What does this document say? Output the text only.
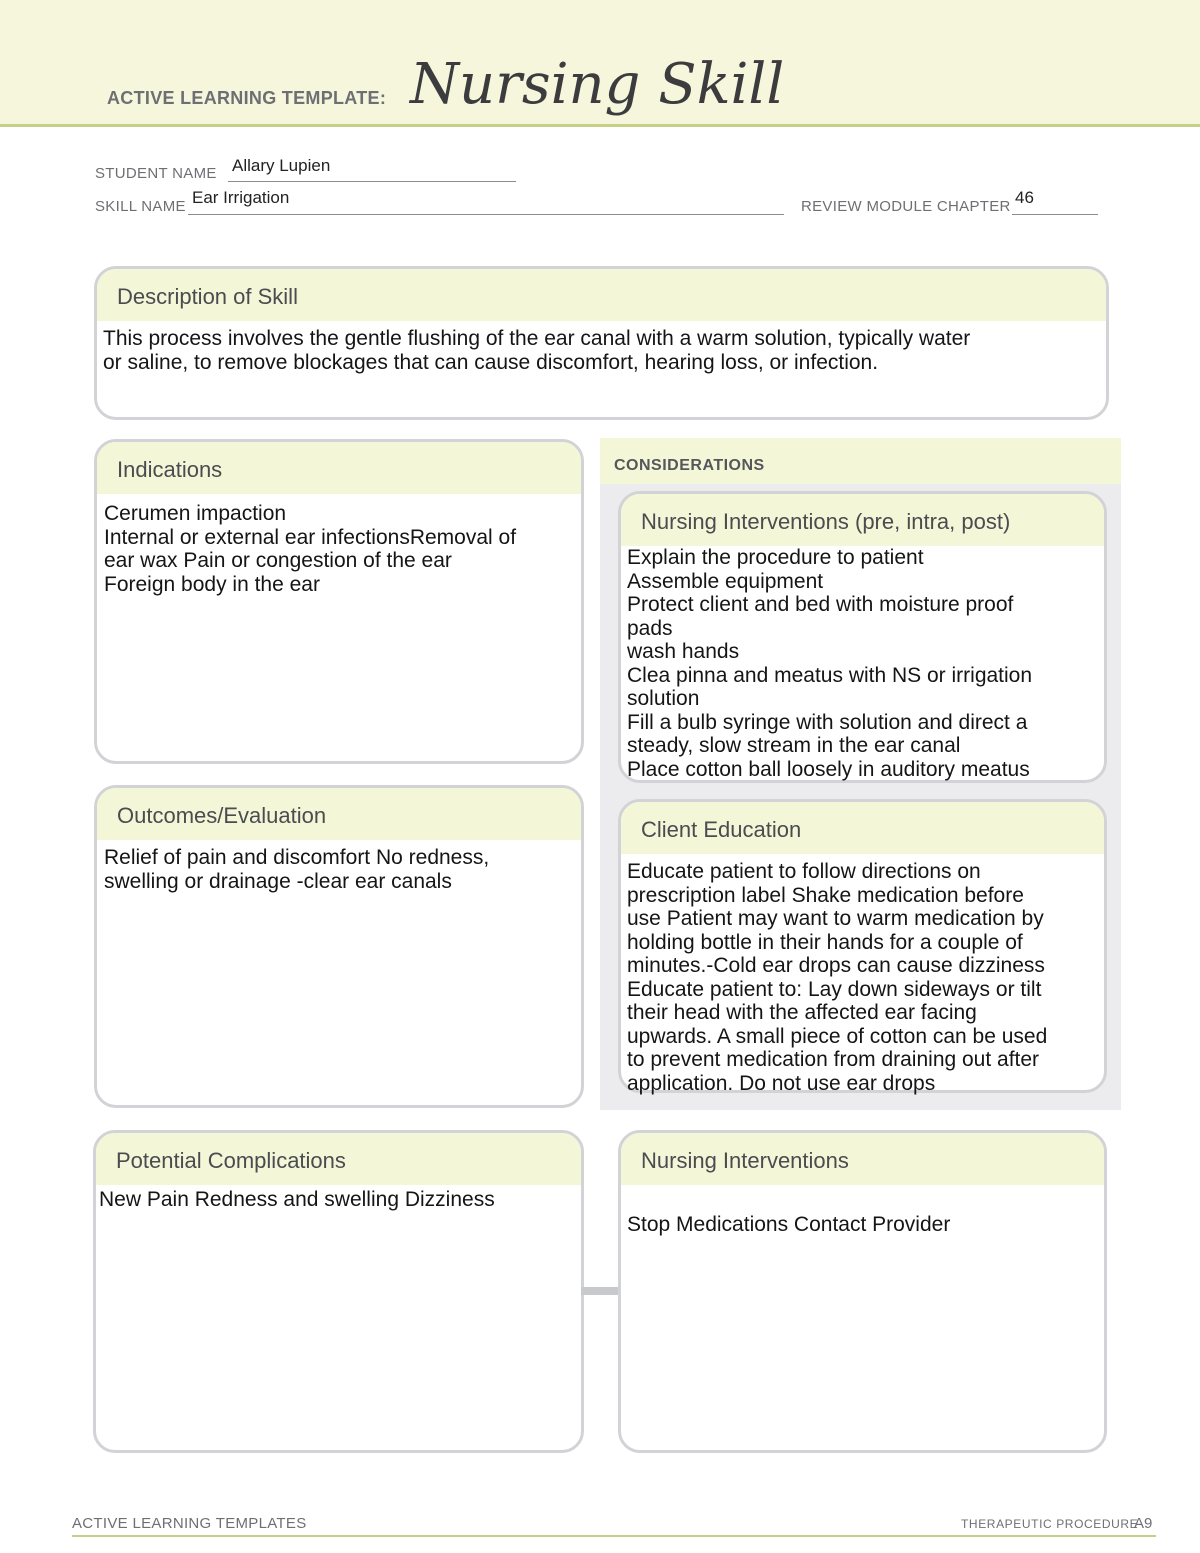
ACTIVE LEARNING TEMPLATE: Nursing Skill
STUDENT NAME Allary Lupien
SKILL NAME Ear Irrigation	REVIEW MODULE CHAPTER 46
Description of Skill
This process involves the gentle flushing of the ear canal with a warm solution, typically water
or saline, to remove blockages that can cause discomfort, hearing loss, or infection.
Indications
Cerumen impaction
Internal or external ear infectionsRemoval of
ear wax Pain or congestion of the ear
Foreign body in the ear
Outcomes/Evaluation
Relief of pain and discomfort No redness,
swelling or drainage -clear ear canals
CONSIDERATIONS
Nursing Interventions (pre, intra, post)
Explain the procedure to patient
Assemble equipment
Protect client and bed with moisture proof
pads
wash hands
Clea pinna and meatus with NS or irrigation
solution
Fill a bulb syringe with solution and direct a
steady, slow stream in the ear canal
Place cotton ball loosely in auditory meatus
Client Education
Educate patient to follow directions on
prescription label Shake medication before
use Patient may want to warm medication by
holding bottle in their hands for a couple of
minutes.-Cold ear drops can cause dizziness
Educate patient to: Lay down sideways or tilt
their head with the affected ear facing
upwards. A small piece of cotton can be used
to prevent medication from draining out after
application. Do not use ear drops
Potential Complications
New Pain Redness and swelling Dizziness
Nursing Interventions
Stop Medications Contact Provider
ACTIVE LEARNING TEMPLATES	THERAPEUTIC PROCEDURE
A9
